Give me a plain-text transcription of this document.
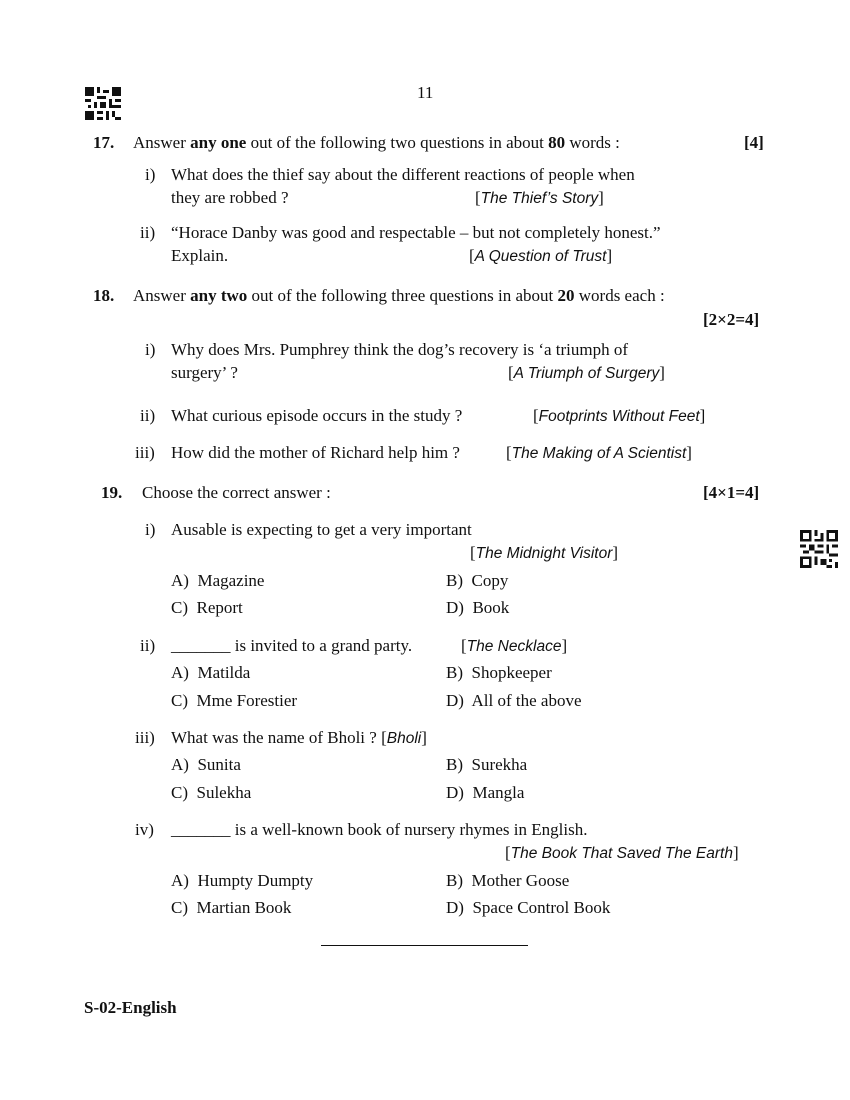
11
17. Answer any one out of the following two questions in about 80 words :	[4]
i) What does the thief say about the different reactions of people when
they are robbed ?	[The Thief’s Story]
ii) “Horace Danby was good and respectable – but not completely honest.”
Explain.	[A Question of Trust]
18. Answer any two out of the following three questions in about 20 words each :
[2×2=4]
i) Why does Mrs. Pumphrey think the dog’s recovery is ‘a triumph of
surgery’ ?	[A Triumph of Surgery]
ii) What curious episode occurs in the study ?	[Footprints Without Feet]
iii) How did the mother of Richard help him ?	[The Making of A Scientist]
19. Choose the correct answer :	[4×1=4]
i) Ausable is expecting to get a very important
[The Midnight Visitor]
A) Magazine	B) Copy
C) Report	D) Book
ii) _______ is invited to a grand party.	[The Necklace]
A) Matilda	B) Shopkeeper
C) Mme Forestier	D) All of the above
iii) What was the name of Bholi ? [Bholi]
A) Sunita	B) Surekha
C) Sulekha	D) Mangla
iv) _______ is a well-known book of nursery rhymes in English.
[The Book That Saved The Earth]
A) Humpty Dumpty	B) Mother Goose
C) Martian Book	D) Space Control Book
S-02-English
